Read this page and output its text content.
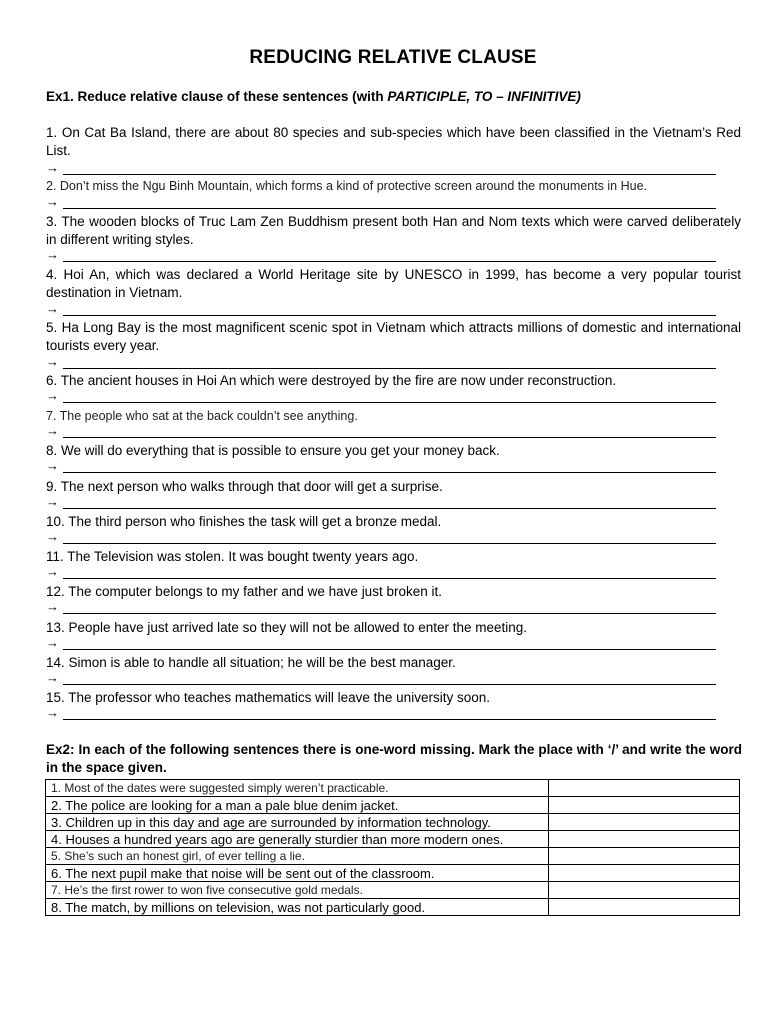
REDUCING RELATIVE CLAUSE
Ex1. Reduce relative clause of these sentences (with PARTICIPLE, TO – INFINITIVE)
1. On Cat Ba Island, there are about 80 species and sub-species which have been classified in the Vietnam’s Red List.
→
2. Don’t miss the Ngu Binh Mountain, which forms a kind of protective screen around the monuments in Hue.
→
3. The wooden blocks of Truc Lam Zen Buddhism present both Han and Nom texts which were carved deliberately in different writing styles.
→
4. Hoi An, which was declared a World Heritage site by UNESCO in 1999, has become a very popular tourist destination in Vietnam.
→
5. Ha Long Bay is the most magnificent scenic spot in Vietnam which attracts millions of domestic and international tourists every year.
→
6. The ancient houses in Hoi An which were destroyed by the fire are now under reconstruction.
→
7. The people who sat at the back couldn’t see anything.
→
8. We will do everything that is possible to ensure you get your money back.
→
9. The next person who walks through that door will get a surprise.
→
10. The third person who finishes the task will get a bronze medal.
→
11. The Television was stolen. It was bought twenty years ago.
→
12. The computer belongs to my father and we have just broken it.
→
13. People have just arrived late so they will not be allowed to enter the meeting.
→
14. Simon is able to handle all situation; he will be the best manager.
→
15. The professor who teaches mathematics will leave the university soon.
→
Ex2: In each of the following sentences there is one-word missing. Mark the place with ‘/’ and write the word in the space given.
1. Most of the dates were suggested simply weren’t practicable.	
2. The police are looking for a man a pale blue denim jacket.	
3. Children up in this day and age are surrounded by information technology.	
4. Houses a hundred years ago are generally sturdier than more modern ones.	
5. She’s such an honest girl, of ever telling a lie.	
6. The next pupil make that noise will be sent out of the classroom.	
7. He’s the first rower to won five consecutive gold medals.	
8. The match, by millions on television, was not particularly good.	
